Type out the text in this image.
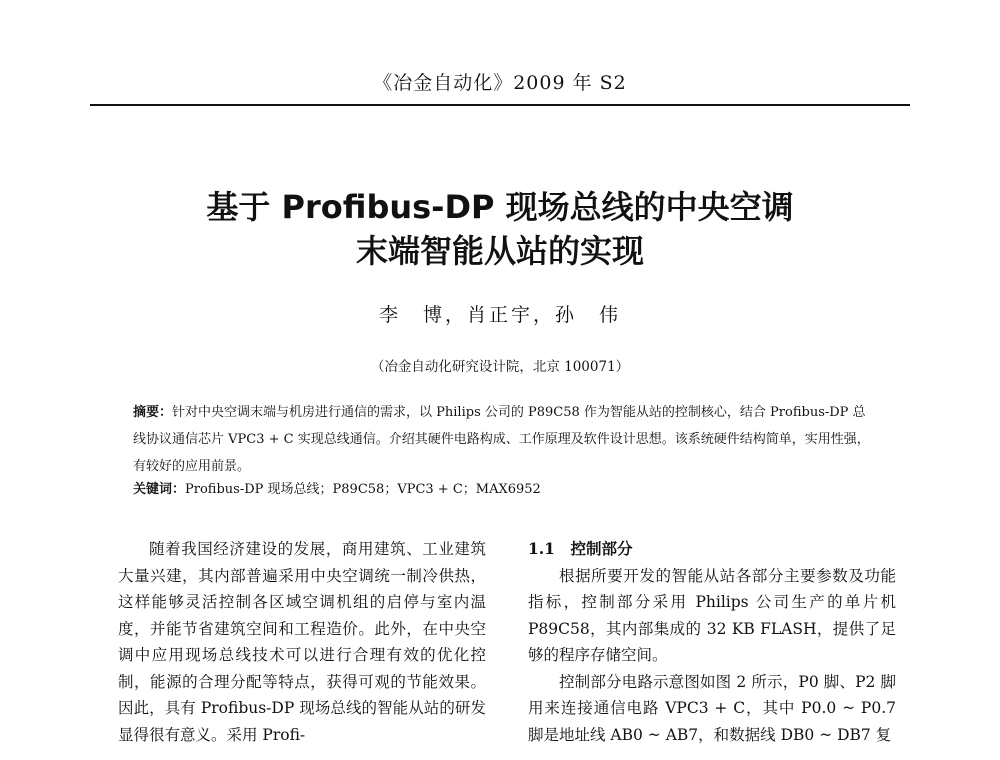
《冶金自动化》2009 年 S2
基于 Profibus-DP 现场总线的中央空调
末端智能从站的实现
李　博，肖正宇，孙　伟
（冶金自动化研究设计院，北京 100071）
摘要：针对中央空调末端与机房进行通信的需求，以 Philips 公司的 P89C58 作为智能从站的控制核心，结合 Profibus-DP 总线协议通信芯片 VPC3 + C 实现总线通信。介绍其硬件电路构成、工作原理及软件设计思想。该系统硬件结构简单，实用性强，有较好的应用前景。
关键词：Profibus-DP 现场总线；P89C58；VPC3 + C；MAX6952

随着我国经济建设的发展，商用建筑、工业建筑大量兴建，其内部普遍采用中央空调统一制冷供热，这样能够灵活控制各区域空调机组的启停与室内温度，并能节省建筑空间和工程造价。此外，在中央空调中应用现场总线技术可以进行合理有效的优化控制，能源的合理分配等特点，获得可观的节能效果。因此，具有 Profibus-DP 现场总线的智能从站的研发显得很有意义。采用 Profi-

1.1　控制部分

根据所要开发的智能从站各部分主要参数及功能指标，控制部分采用 Philips 公司生产的单片机 P89C58，其内部集成的 32 KB FLASH，提供了足够的程序存储空间。

控制部分电路示意图如图 2 所示，P0 脚、P2 脚用来连接通信电路 VPC3 + C，其中 P0.0 ~ P0.7 脚是地址线 AB0 ~ AB7，和数据线 DB0 ~ DB7 复
